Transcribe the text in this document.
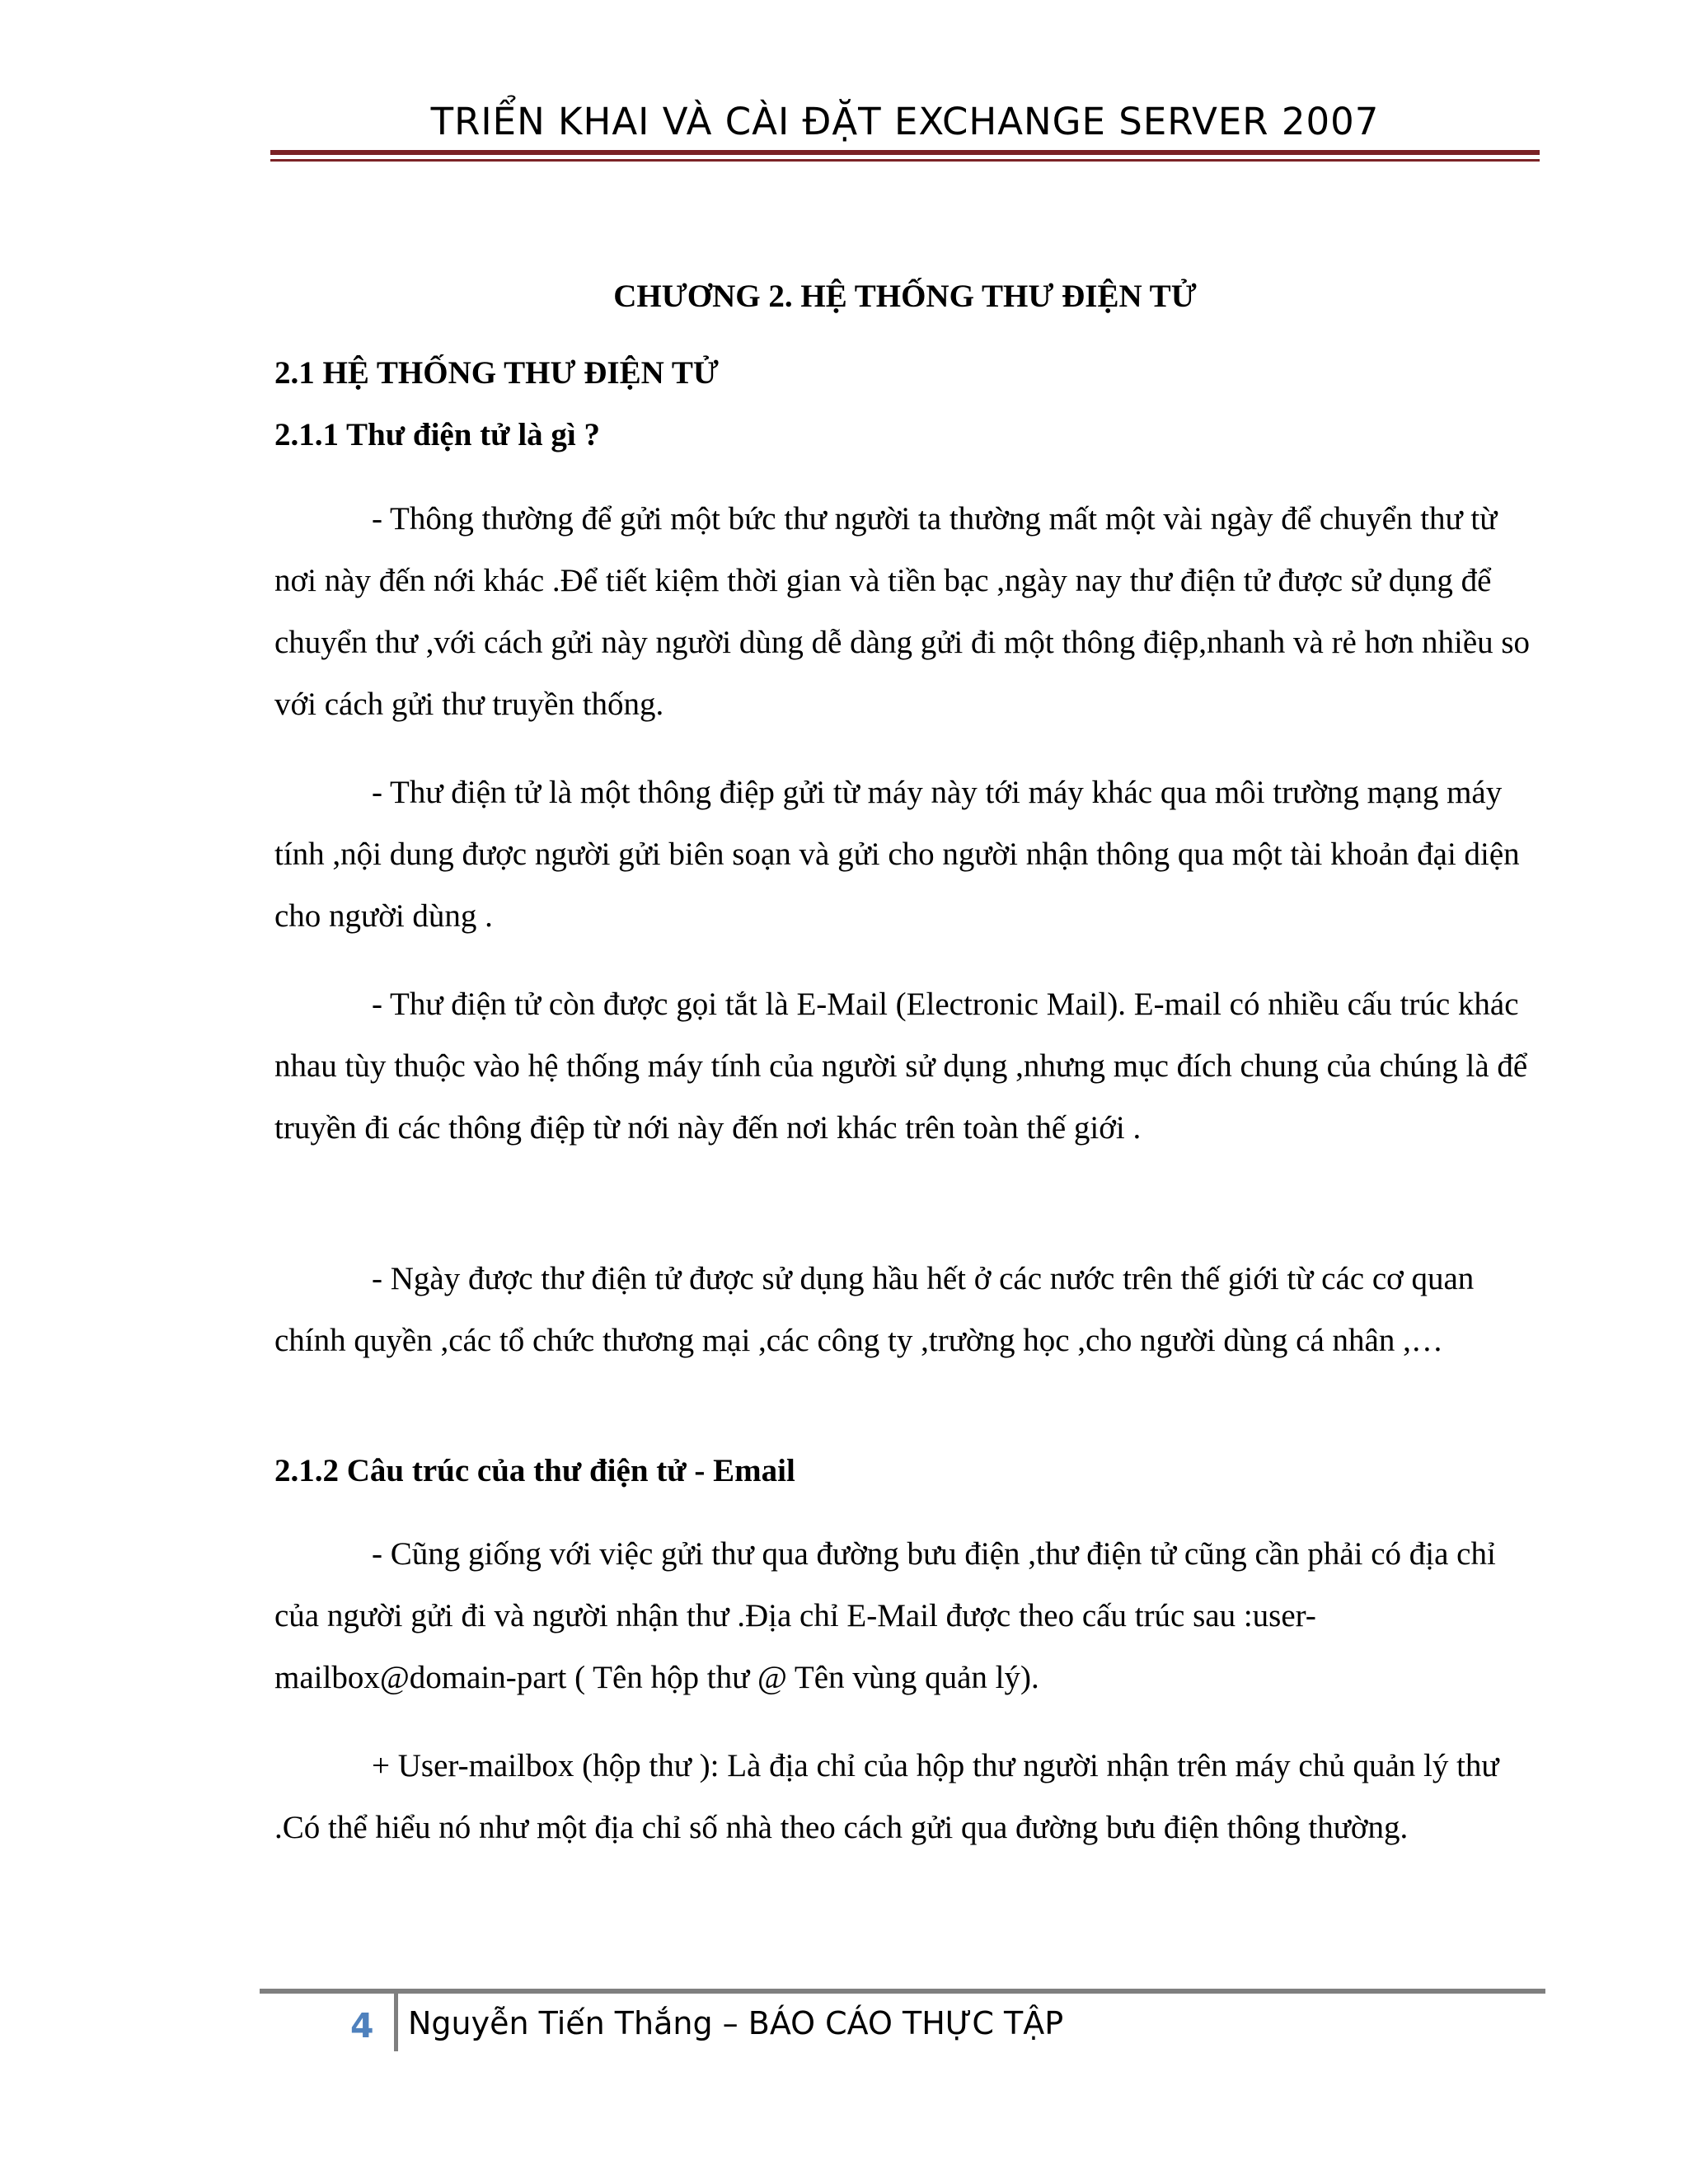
TRIỂN KHAI VÀ CÀI ĐẶT EXCHANGE SERVER 2007
CHƯƠNG 2. HỆ THỐNG THƯ ĐIỆN TỬ
2.1 HỆ THỐNG THƯ ĐIỆN TỬ
2.1.1 Thư điện tử là gì ?

- Thông thường để gửi một bức thư người ta thường mất một vài ngày để chuyển thư từ nơi này đến nới khác .Để tiết kiệm thời gian và tiền bạc ,ngày nay thư điện tử được sử dụng để chuyển thư ,với cách gửi này người dùng dễ dàng gửi đi một thông điệp,nhanh và rẻ hơn nhiều so với cách gửi thư truyền thống.

- Thư điện tử là một thông điệp gửi từ máy này tới máy khác qua môi trường mạng máy tính ,nội dung được người gửi biên soạn và gửi cho người nhận thông qua một tài khoản đại diện cho người dùng .

- Thư điện tử còn được gọi tắt là E-Mail (Electronic Mail). E-mail có nhiều cấu trúc khác nhau tùy thuộc vào hệ thống máy tính của người sử dụng ,nhưng mục đích chung của chúng là để truyền đi các thông điệp từ nới này đến nơi khác trên toàn thế giới .

- Ngày được thư điện tử được sử dụng hầu hết ở các nước trên thế giới từ các cơ quan chính quyền ,các tổ chức thương mại ,các công ty ,trường học ,cho người dùng cá nhân ,…

2.1.2 Câu trúc của thư điện tử - Email

- Cũng giống với việc gửi thư qua đường bưu điện ,thư điện tử cũng cần phải có địa chỉ của người gửi đi và người nhận thư .Địa chỉ E-Mail được theo cấu trúc sau :user-mailbox@domain-part ( Tên hộp thư @ Tên vùng quản lý).

+ User-mailbox (hộp thư ): Là địa chỉ của hộp thư người nhận trên máy chủ quản lý thư .Có thể hiểu nó như một địa chỉ số nhà theo cách gửi qua đường bưu điện thông thường.

4 Nguyễn Tiến Thắng – BÁO CÁO THỰC TẬP
